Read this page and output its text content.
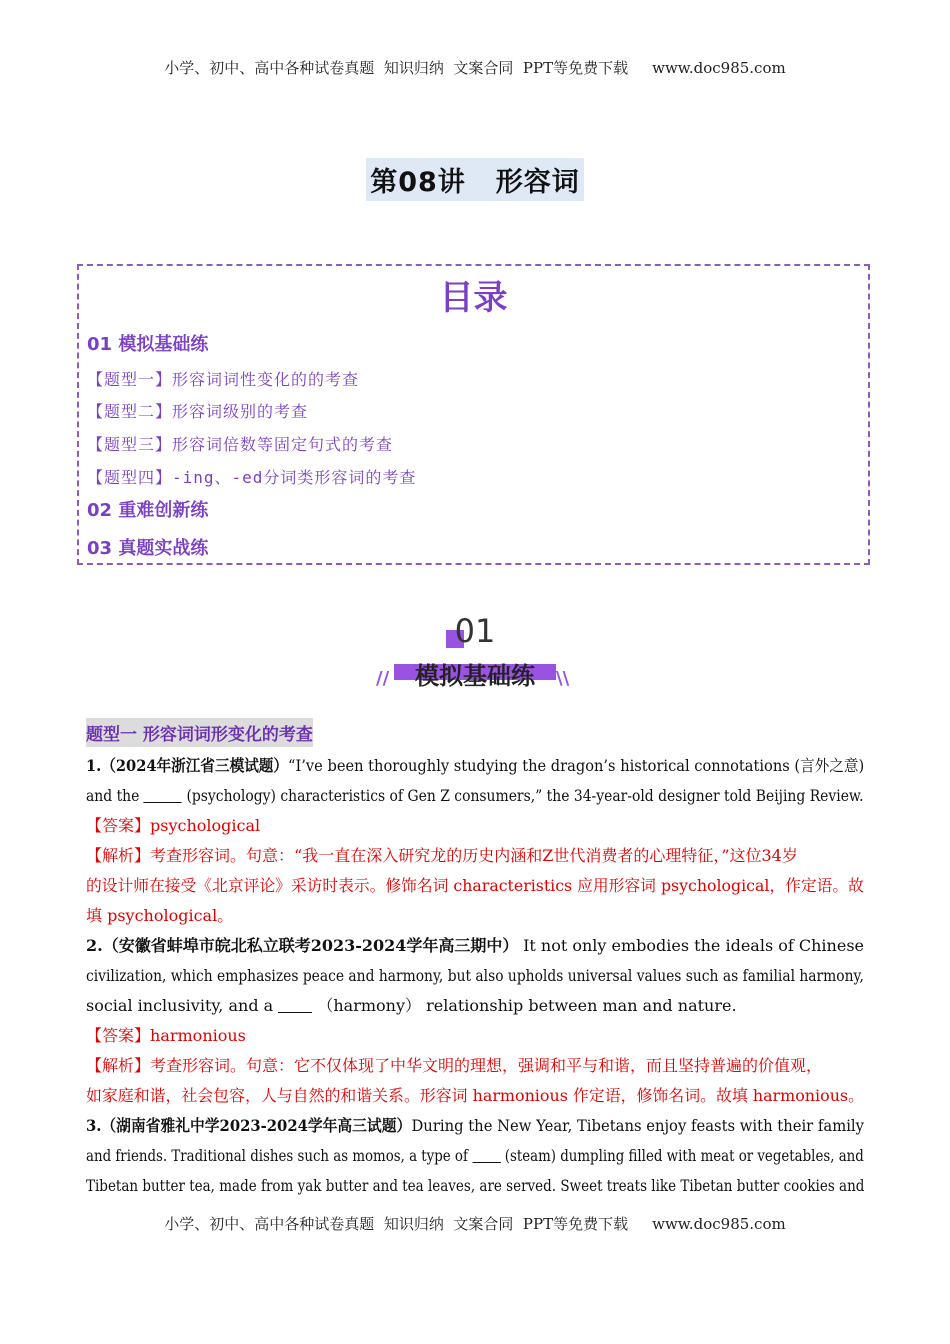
小学、初中、高中各种试卷真题  知识归纳  文案合同  PPT等免费下载 www.doc985.com
第08讲 形容词
目录
01 模拟基础练
【题型一】形容词词性变化的的考查
【题型二】形容词级别的考查
【题型三】形容词倍数等固定句式的考查
【题型四】-ing、-ed分词类形容词的考查
02 重难创新练
03 真题实战练
01
模拟基础练
//	\\
题型一 形容词词形变化的考查
1.（2024年浙江省三模试题） “I’ve been thoroughly studying the dragon’s historical connotations (言外之意)
and the	(psychology) characteristics of Gen Z consumers,” the 34-year-old designer told Beijing Review.
【答案】psychological
【解析】考查形容词。句意：“我一直在深入研究龙的历史内涵和Z世代消费者的心理特征，”这位34岁
的设计师在接受《北京评论》采访时表示。修饰名词 characteristics 应用形容词 psychological，作定语。故
填 psychological。
2.（安徽省蚌埠市皖北私立联考2023-2024学年高三期中） It not only embodies the ideals of Chinese
civilization, which emphasizes peace and harmony, but also upholds universal values such as familial harmony,
social inclusivity, and a	（harmony） relationship between man and nature.
【答案】harmonious
【解析】考查形容词。句意：它不仅体现了中华文明的理想，强调和平与和谐，而且坚持普遍的价值观，
如家庭和谐，社会包容，人与自然的和谐关系。形容词 harmonious 作定语，修饰名词。故填 harmonious。
3.（湖南省雅礼中学2023-2024学年高三试题） During the New Year, Tibetans enjoy feasts with their family
and friends. Traditional dishes such as momos, a type of (steam) dumpling filled with meat or vegetables, and
Tibetan butter tea, made from yak butter and tea leaves, are served. Sweet treats like Tibetan butter cookies and
小学、初中、高中各种试卷真题  知识归纳  文案合同  PPT等免费下载 www.doc985.com
